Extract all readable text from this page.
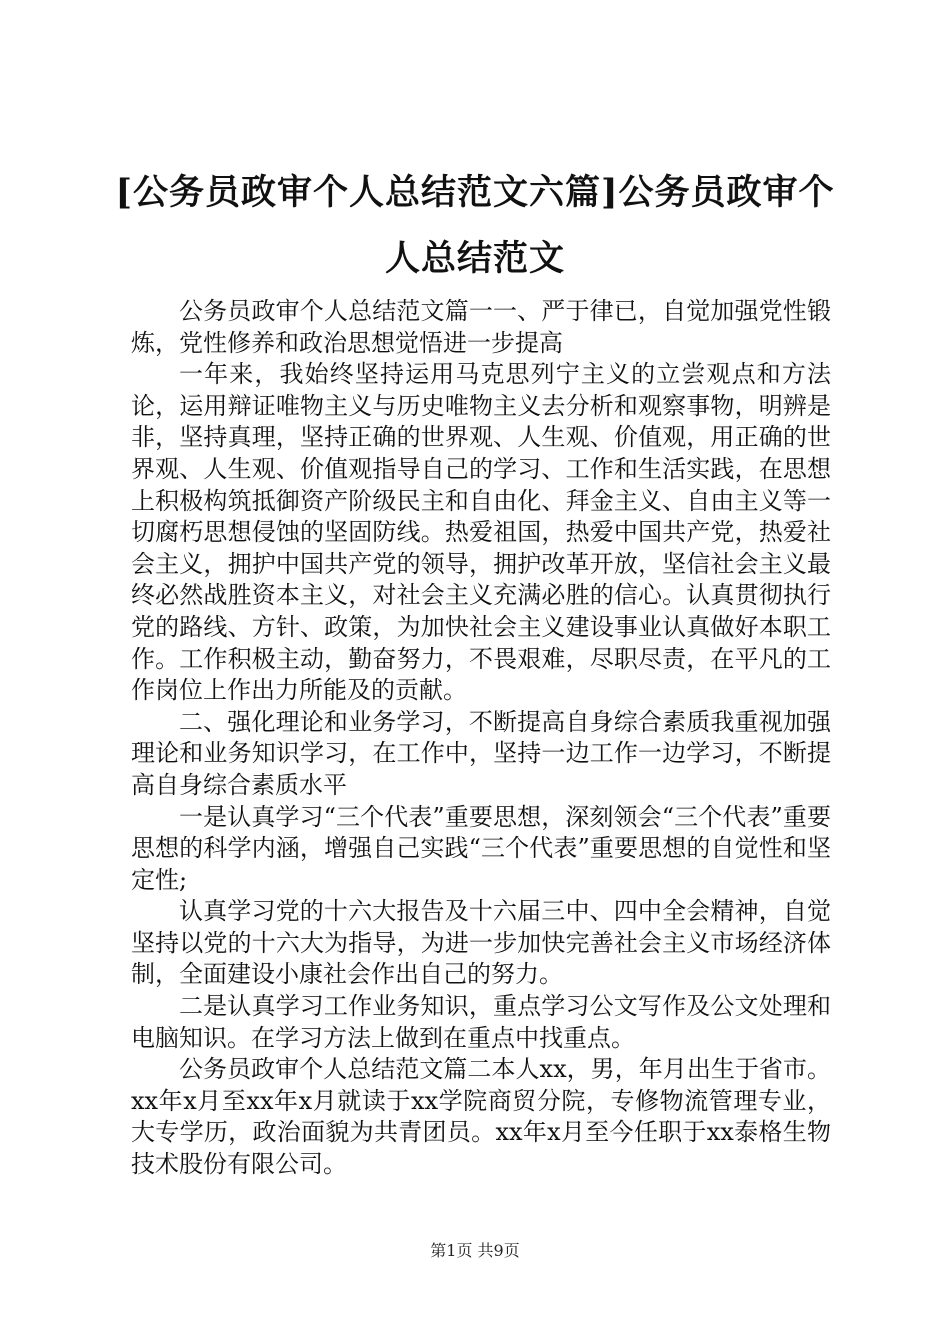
[公务员政审个人总结范文六篇]公务员政审个人总结范文

公务员政审个人总结范文篇一一、严于律已，自觉加强党性锻炼，党性修养和政治思想觉悟进一步提高

一年来，我始终坚持运用马克思列宁主义的立尝观点和方法论，运用辩证唯物主义与历史唯物主义去分析和观察事物，明辨是非，坚持真理，坚持正确的世界观、人生观、价值观，用正确的世界观、人生观、价值观指导自己的学习、工作和生活实践，在思想上积极构筑抵御资产阶级民主和自由化、拜金主义、自由主义等一切腐朽思想侵蚀的坚固防线。热爱祖国，热爱中国共产党，热爱社会主义，拥护中国共产党的领导，拥护改革开放，坚信社会主义最终必然战胜资本主义，对社会主义充满必胜的信心。认真贯彻执行党的路线、方针、政策，为加快社会主义建设事业认真做好本职工作。工作积极主动，勤奋努力，不畏艰难，尽职尽责，在平凡的工作岗位上作出力所能及的贡献。

二、强化理论和业务学习，不断提高自身综合素质我重视加强理论和业务知识学习，在工作中，坚持一边工作一边学习，不断提高自身综合素质水平

一是认真学习“三个代表”重要思想，深刻领会“三个代表”重要思想的科学内涵，增强自己实践“三个代表”重要思想的自觉性和坚定性;

认真学习党的十六大报告及十六届三中、四中全会精神，自觉坚持以党的十六大为指导，为进一步加快完善社会主义市场经济体制，全面建设小康社会作出自己的努力。

二是认真学习工作业务知识，重点学习公文写作及公文处理和电脑知识。在学习方法上做到在重点中找重点。

公务员政审个人总结范文篇二本人xx，男，年月出生于省市。xx年x月至xx年x月就读于xx学院商贸分院，专修物流管理专业，大专学历，政治面貌为共青团员。xx年x月至今任职于xx泰格生物技术股份有限公司。

第1页 共9页
